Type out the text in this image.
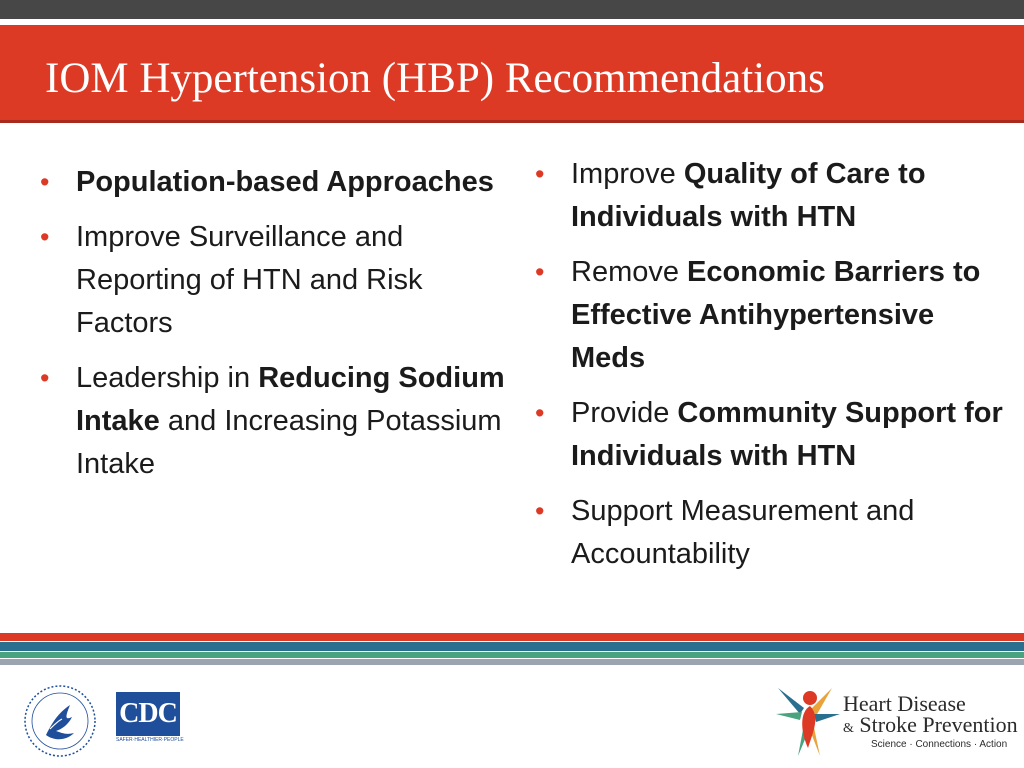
IOM Hypertension (HBP) Recommendations
• Population-based Approaches
• Improve Surveillance and Reporting of HTN and Risk Factors
• Leadership in Reducing Sodium Intake and Increasing Potassium Intake
• Improve Quality of Care to Individuals with HTN
• Remove Economic Barriers to Effective Antihypertensive Meds
• Provide Community Support for Individuals with HTN
• Support Measurement and Accountability
CDC
SAFER·HEALTHIER·PEOPLE
Heart Disease
& Stroke Prevention
Science · Connections · Action
